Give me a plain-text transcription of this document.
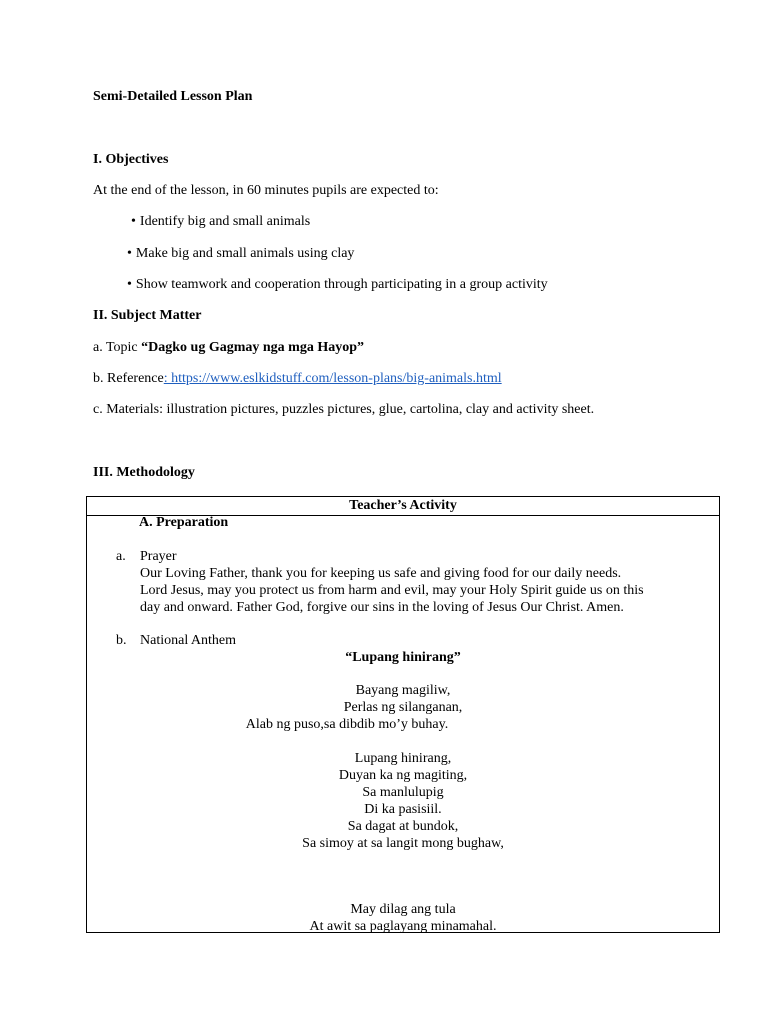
Semi-Detailed Lesson Plan
I. Objectives
At the end of the lesson, in 60 minutes pupils are expected to:
• Identify big and small animals
• Make big and small animals using clay
• Show teamwork and cooperation through participating in a group activity
II. Subject Matter
a. Topic “Dagko ug Gagmay nga mga Hayop”
b. Reference: https://www.eslkidstuff.com/lesson-plans/big-animals.html
c. Materials: illustration pictures, puzzles pictures, glue, cartolina, clay and activity sheet.
III. Methodology
Teacher’s Activity
A. Preparation
a. Prayer
Our Loving Father, thank you for keeping us safe and giving food for our daily needs.
Lord Jesus, may you protect us from harm and evil, may your Holy Spirit guide us on this
day and onward. Father God, forgive our sins in the loving of Jesus Our Christ. Amen.
b. National Anthem
“Lupang hinirang”
Bayang magiliw,
Perlas ng silanganan,
Alab ng puso,sa dibdib mo’y buhay.
Lupang hinirang,
Duyan ka ng magiting,
Sa manlulupig
Di ka pasisiil.
Sa dagat at bundok,
Sa simoy at sa langit mong bughaw,
May dilag ang tula
At awit sa paglayang minamahal.
